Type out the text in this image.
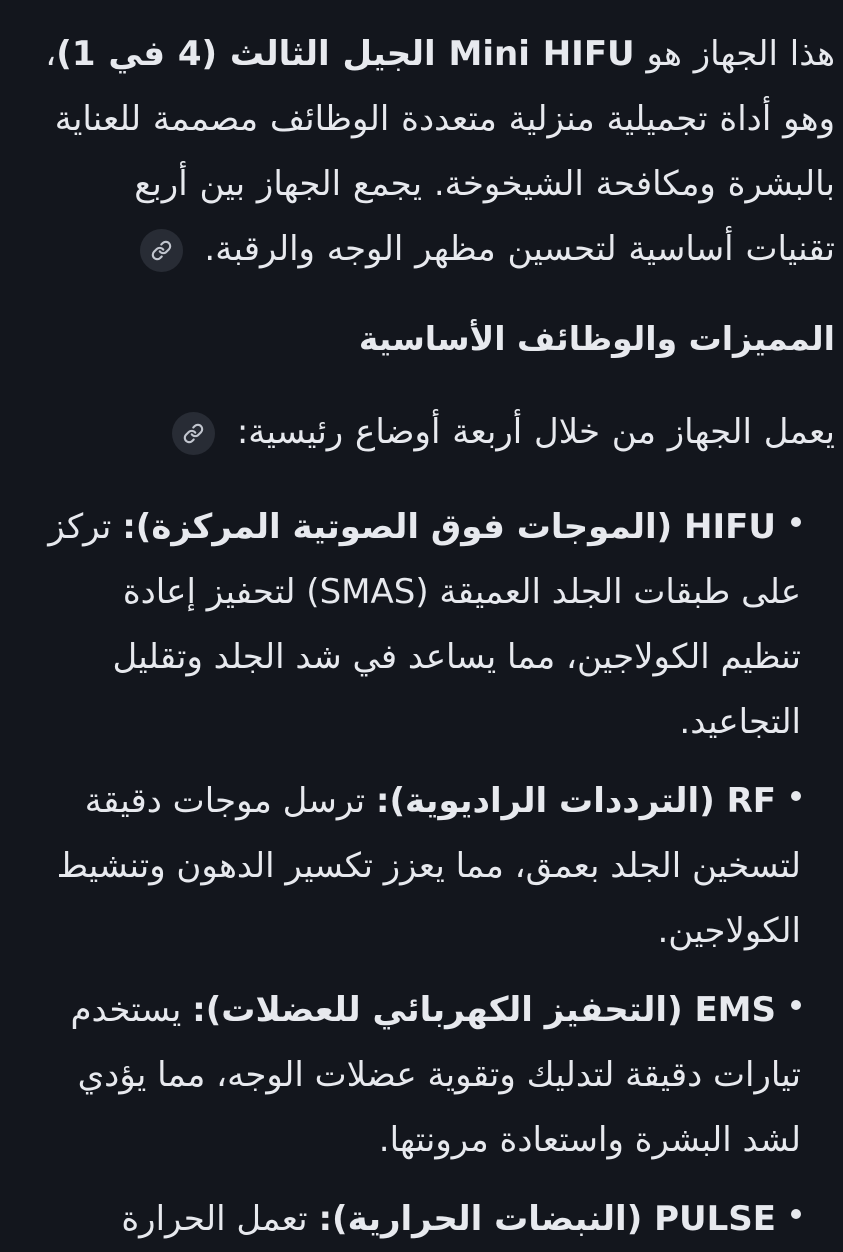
هذا الجهاز هو Mini HIFU الجيل الثالث (4 في 1)، وهو أداة تجميلية منزلية متعددة الوظائف مصممة للعناية بالبشرة ومكافحة الشيخوخة. يجمع الجهاز بين أربع تقنيات أساسية لتحسين مظهر الوجه والرقبة.

المميزات والوظائف الأساسية

يعمل الجهاز من خلال أربعة أوضاع رئيسية:

HIFU (الموجات فوق الصوتية المركزة): تركز على طبقات الجلد العميقة (SMAS) لتحفيز إعادة تنظيم الكولاجين، مما يساعد في شد الجلد وتقليل التجاعيد.
RF (الترددات الراديوية): ترسل موجات دقيقة لتسخين الجلد بعمق، مما يعزز تكسير الدهون وتنشيط الكولاجين.
EMS (التحفيز الكهربائي للعضلات): يستخدم تيارات دقيقة لتدليك وتقوية عضلات الوجه، مما يؤدي لشد البشرة واستعادة مرونتها.
PULSE (النبضات الحرارية): تعمل الحرارة
